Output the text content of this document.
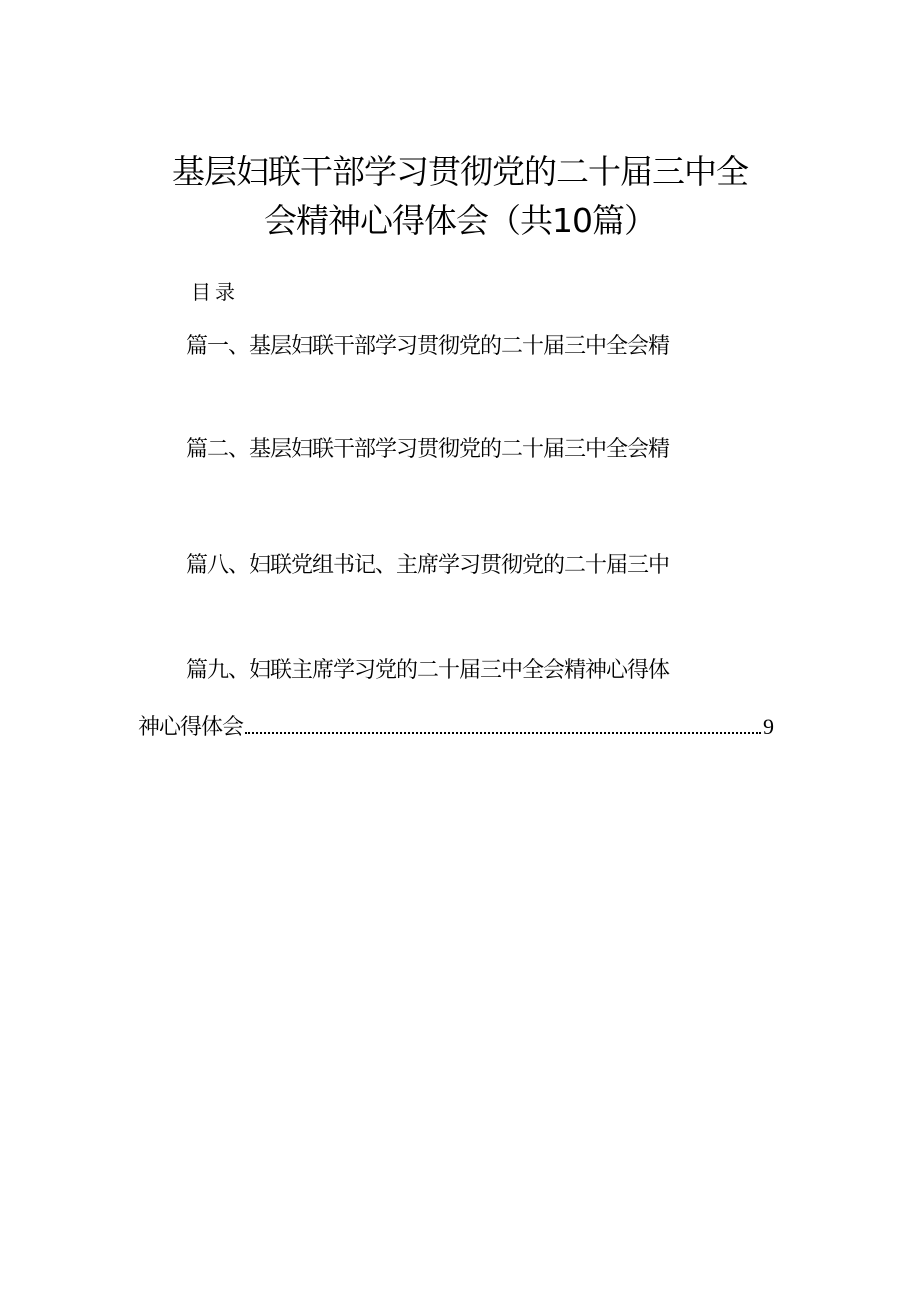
基层妇联干部学习贯彻党的二十届三中全
会精神心得体会（共10篇）
目录
篇一、基层妇联干部学习贯彻党的二十届三中全会精
篇二、基层妇联干部学习贯彻党的二十届三中全会精
篇八、妇联党组书记、主席学习贯彻党的二十届三中
篇九、妇联主席学习党的二十届三中全会精神心得体
神心得体会	9
